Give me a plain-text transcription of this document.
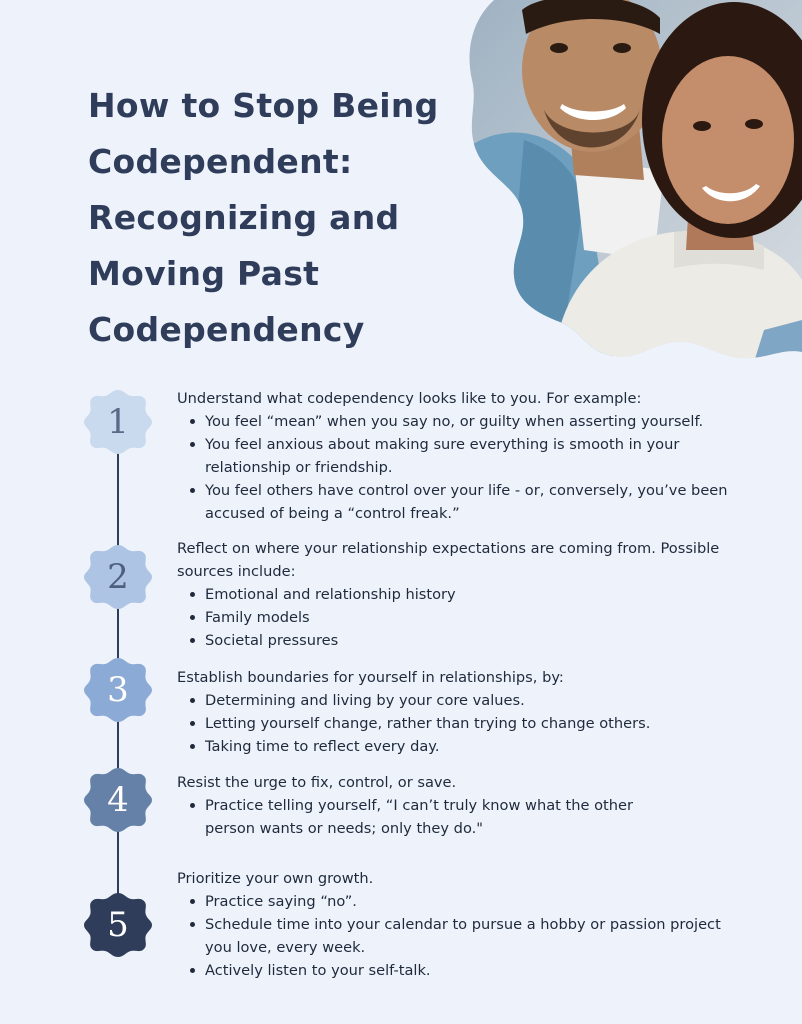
How to Stop Being
Codependent:
Recognizing and
Moving Past
Codependency
1
2
3
4
5

Understand what codependency looks like to you. For example:

You feel “mean” when you say no, or guilty when asserting yourself.
You feel anxious about making sure everything is smooth in your relationship or friendship.
You feel others have control over your life - or, conversely, you’ve been accused of being a “control freak.”

Reflect on where your relationship expectations are coming from. Possible sources include:

Emotional and relationship history
Family models
Societal pressures

Establish boundaries for yourself in relationships, by:

Determining and living by your core values.
Letting yourself change, rather than trying to change others.
Taking time to reflect every day.

Resist the urge to fix, control, or save.

Practice telling yourself, “I can’t truly know what the other person wants or needs; only they do."

Prioritize your own growth.

Practice saying “no”.
Schedule time into your calendar to pursue a hobby or passion project you love, every week.
Actively listen to your self-talk.
